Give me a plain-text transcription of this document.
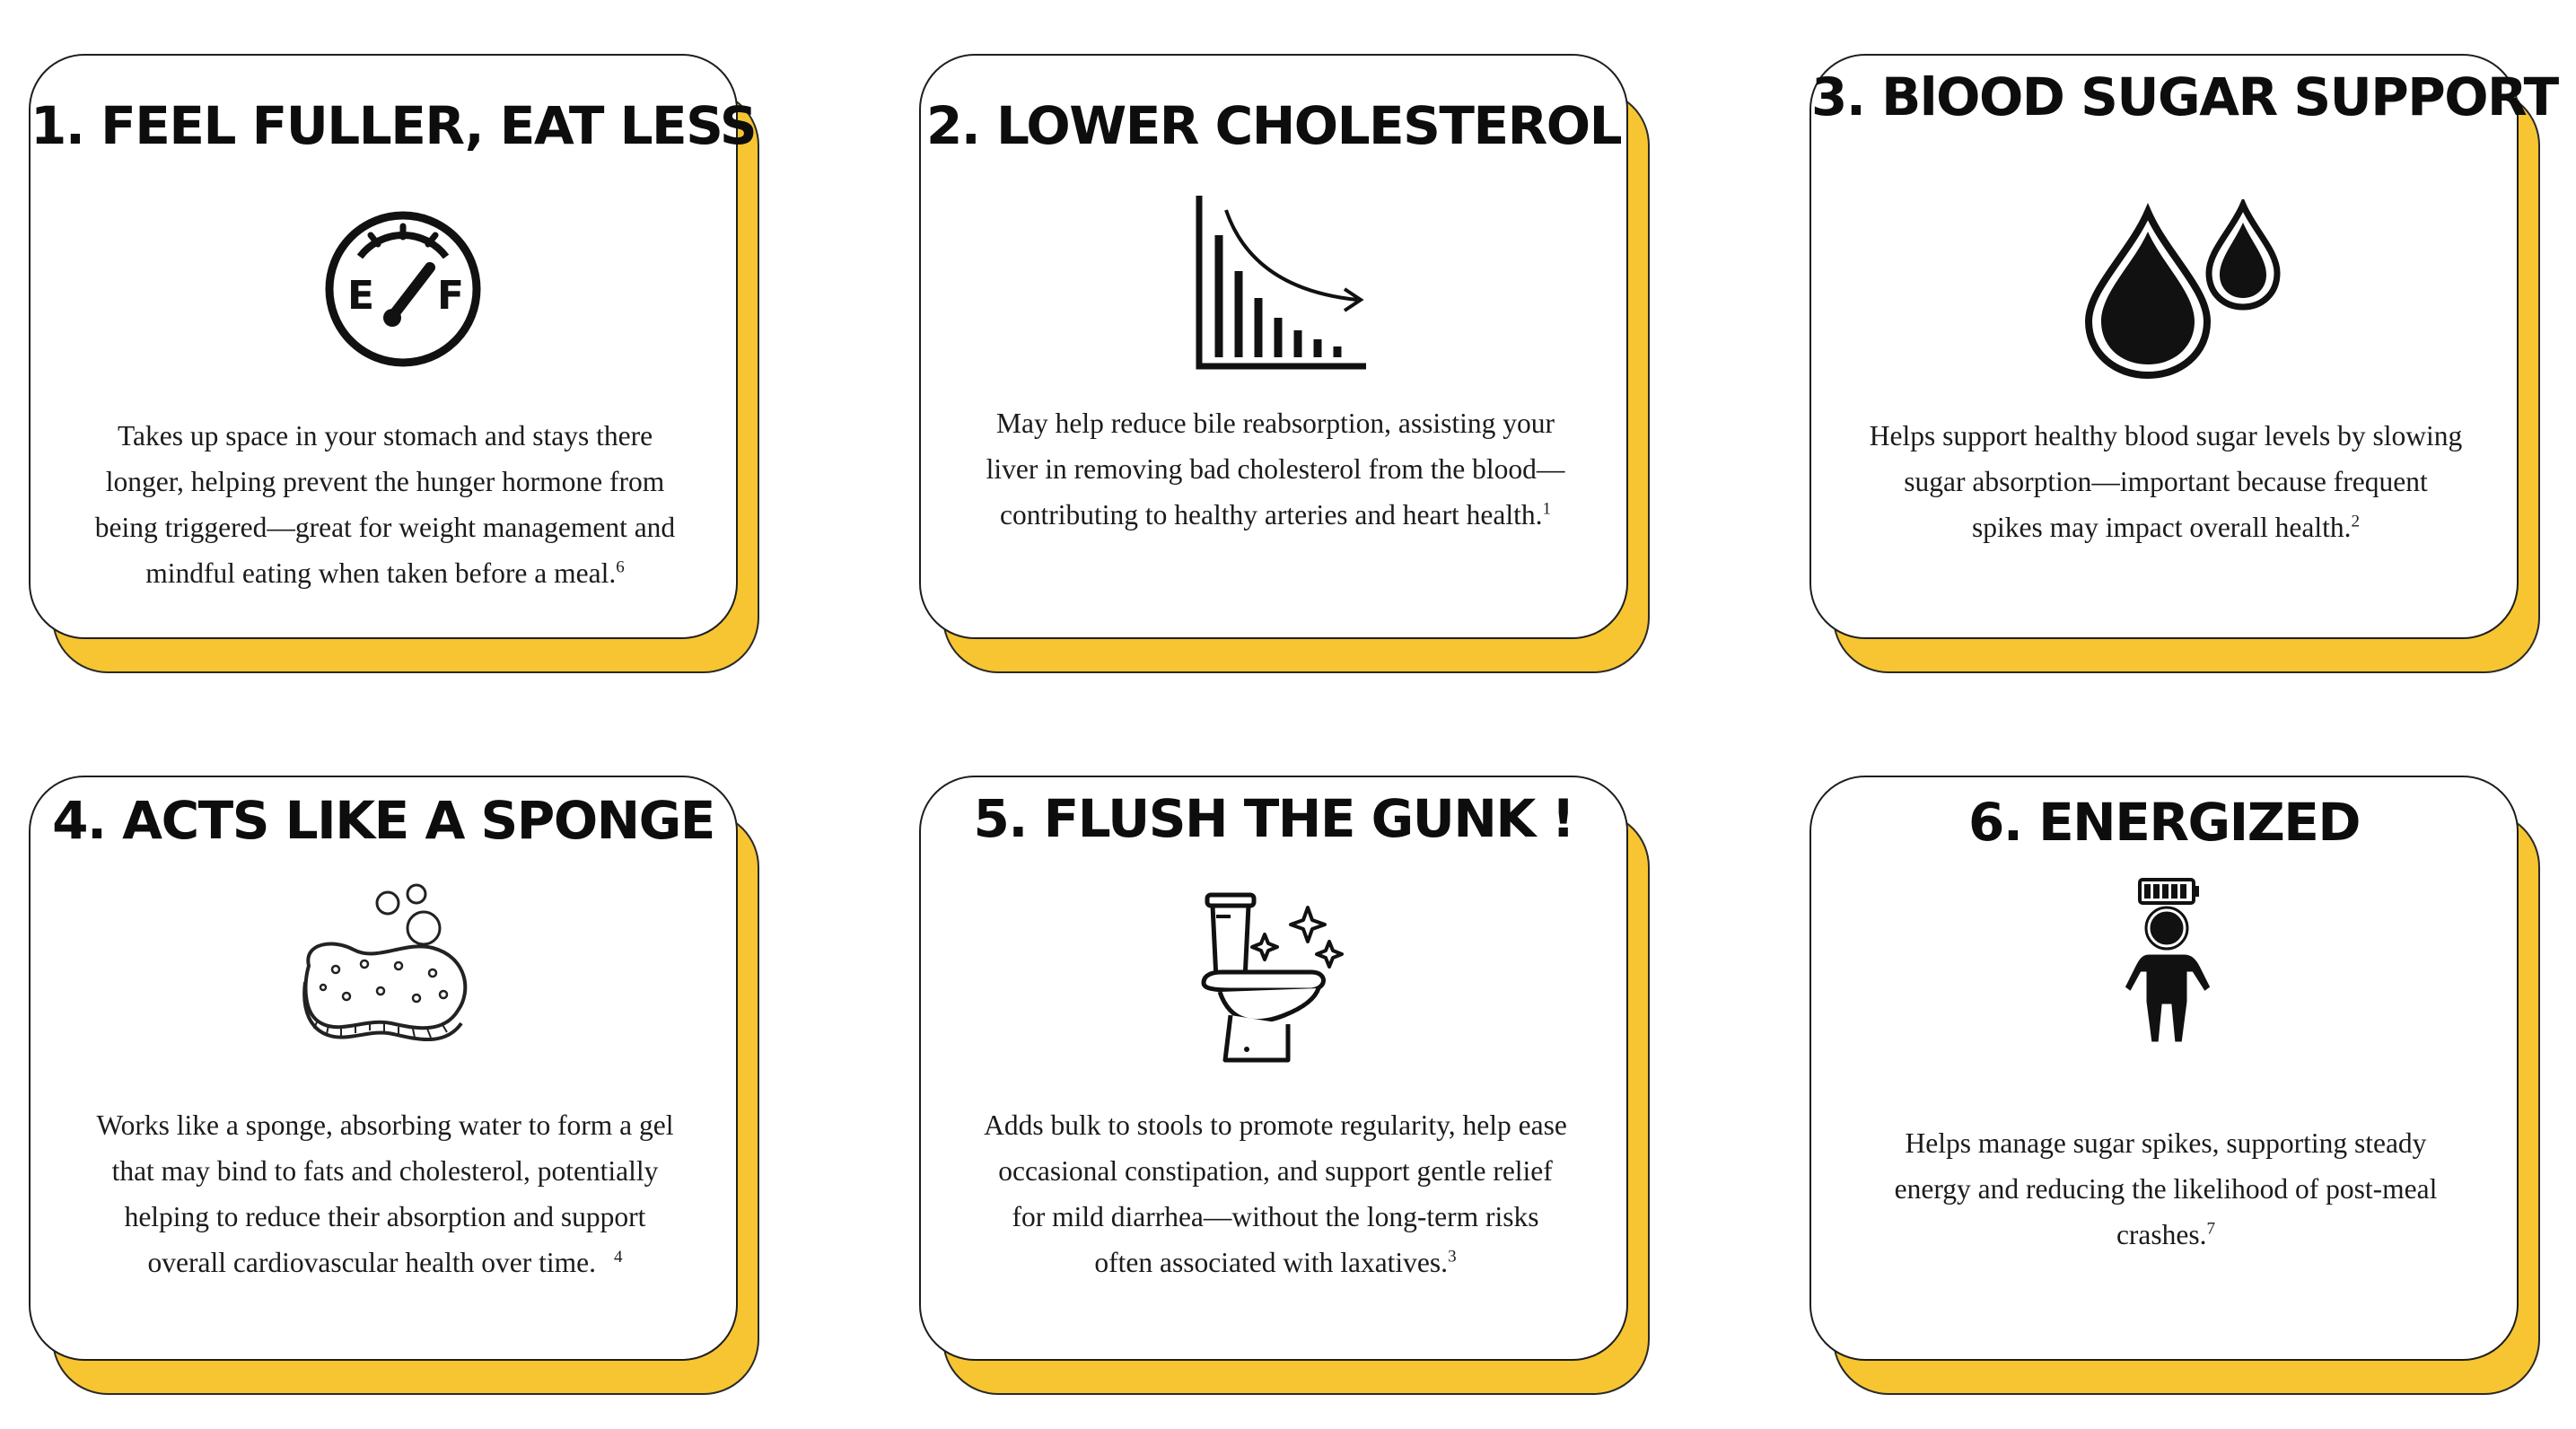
1. FEEL FULLER, EAT LESS
E F

Takes up space in your stomach and stays there
longer, helping prevent the hunger hormone from
being triggered—great for weight management and
mindful eating when taken before a meal.$^6$

2. LOWER CHOLESTEROL

May help reduce bile reabsorption, assisting your
liver in removing bad cholesterol from the blood—
contributing to healthy arteries and heart health.$^1$

3. BlOOD SUGAR SUPPORT

Helps support healthy blood sugar levels by slowing
sugar absorption—important because frequent
spikes may impact overall health.$^2$

4. ACTS LIKE A SPONGE

Works like a sponge, absorbing water to form a gel
that may bind to fats and cholesterol, potentially
helping to reduce their absorption and support
overall cardiovascular health over time. $^4$

5. FLUSH THE GUNK !

Adds bulk to stools to promote regularity, help ease
occasional constipation, and support gentle relief
for mild diarrhea—without the long-term risks
often associated with laxatives.$^3$

6. ENERGIZED

Helps manage sugar spikes, supporting steady
energy and reducing the likelihood of post-meal
crashes.$^7$
